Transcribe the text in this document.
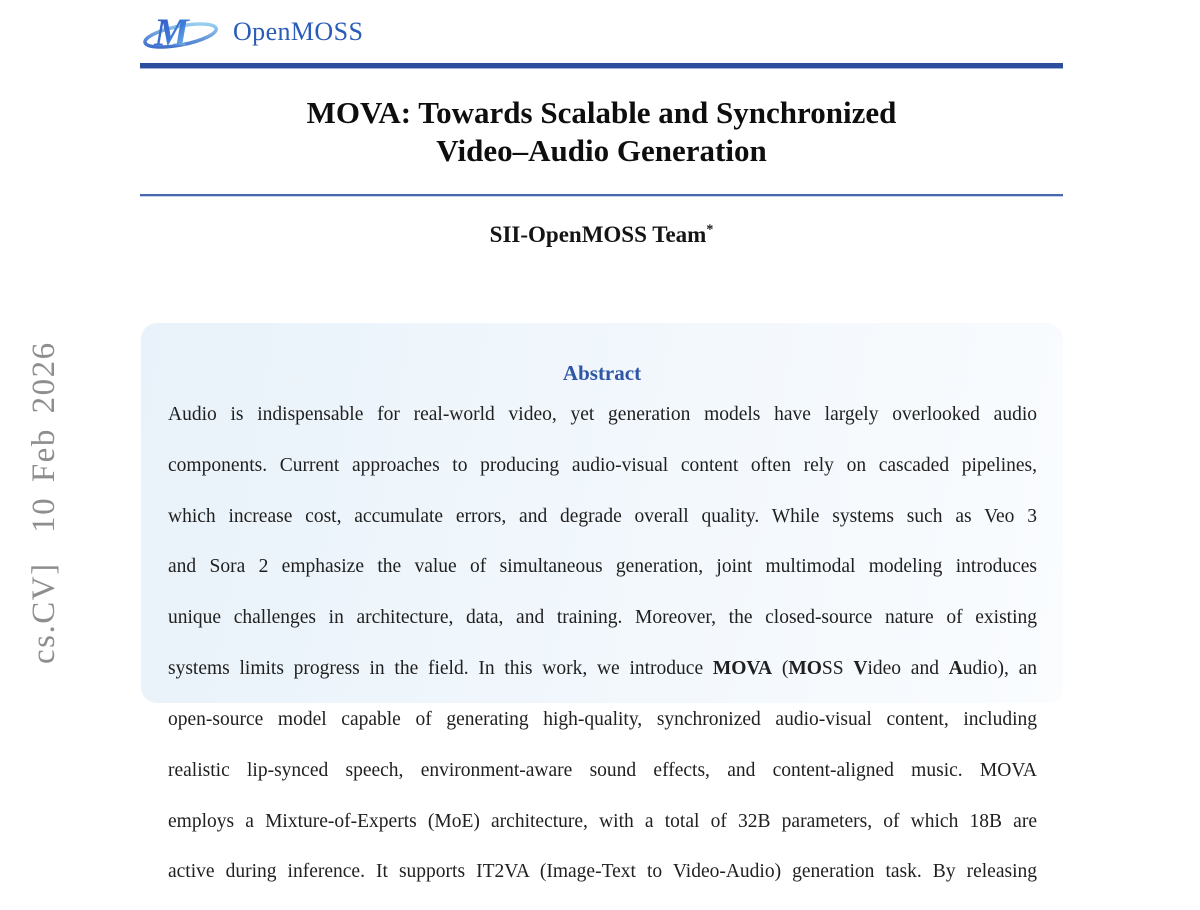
cs.CV]  10 Feb 2026
M OpenMOSS
MOVA: Towards Scalable and Synchronized
Video–Audio Generation
SII-OpenMOSS Team*
Abstract
Audio is indispensable for real-world video, yet generation models have largely overlooked audio
components. Current approaches to producing audio-visual content often rely on cascaded pipelines,
which increase cost, accumulate errors, and degrade overall quality. While systems such as Veo 3
and Sora 2 emphasize the value of simultaneous generation, joint multimodal modeling introduces
unique challenges in architecture, data, and training. Moreover, the closed-source nature of existing
systems limits progress in the field. In this work, we introduce MOVA (MOSS Video and Audio), an
open-source model capable of generating high-quality, synchronized audio-visual content, including
realistic lip-synced speech, environment-aware sound effects, and content-aligned music. MOVA
employs a Mixture-of-Experts (MoE) architecture, with a total of 32B parameters, of which 18B are
active during inference. It supports IT2VA (Image-Text to Video-Audio) generation task. By releasing
